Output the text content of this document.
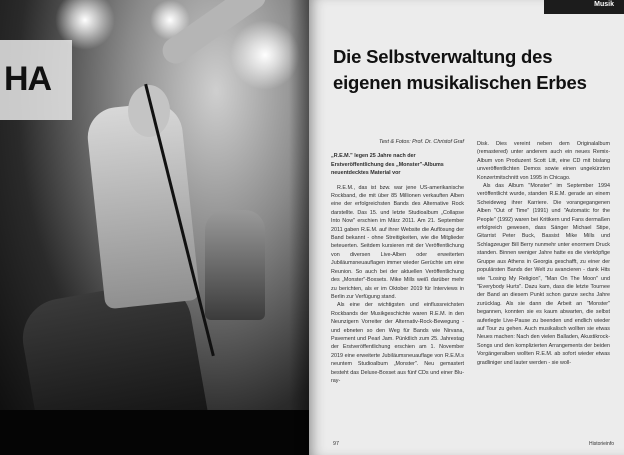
HA
Musik
Die Selbstverwaltung des eigenen musikalischen Erbes

Text & Fotos: Prof. Dr. Christof Graf

„R.E.M." legen 25 Jahre nach der Erstveröffentlichung des „Monster"-Albums neuentdecktes Material vor

R.E.M., das ist bzw. war jene US-amerikanische Rockband, die mit über 85 Millionen verkauften Alben eine der erfolgreichsten Bands des Alternative Rock darstellte. Das 15. und letzte Studioalbum „Collapse Into Now" erschien im März 2011. Am 21. September 2011 gaben R.E.M. auf ihrer Website die Auflösung der Band bekannt - ohne Streitigkeiten, wie die Mitglieder beteuerten. Seitdem kursieren mit der Veröffentlichung von diversen Live-Alben oder erweiterten Jubiläumsneuauflagen immer wieder Gerüchte um eine Reunion. So auch bei der aktuellen Veröffentlichung des „Monster"-Boxsets. Mike Mills weiß darüber mehr zu berichten, als er im Oktober 2019 für Interviews in Berlin zur Verfügung stand.

Als eine der wichtigsten und einflussreichsten Rockbands der Musikgeschichte waren R.E.M. in den Neunzigern Vorreiter der Alternativ-Rock-Bewegung - und ebneten so den Weg für Bands wie Nirvana, Pavement und Pearl Jam. Pünktlich zum 25. Jahrestag der Erstveröffentlichung erschien am 1. November 2019 eine erweiterte Jubiläumsneuauflage von R.E.M.s neuntem Studioalbum „Monster". Neu gemastert besteht das Deluxe-Boxset aus fünf CDs und einer Blu-ray-

Disk. Dies vereint neben dem Originalalbum (remastered) unter anderem auch ein neues Remix-Album von Produzent Scott Litt, eine CD mit bislang unveröffentlichten Demos sowie einen ungekürzten Konzertmitschnitt von 1995 in Chicago.

Als das Album "Monster" im September 1994 veröffentlicht wurde, standen R.E.M. gerade an einem Scheideweg ihrer Karriere. Die vorangegangenen Alben "Out of Time" (1991) und "Automatic for the People" (1992) waren bei Kritikern und Fans dermaßen erfolgreich gewesen, dass Sänger Michael Stipe, Gitarrist Peter Buck, Bassist Mike Mills und Schlagzeuger Bill Berry nunmehr unter enormem Druck standen. Binnen weniger Jahre hatte es die vierköpfige Gruppe aus Athens in Georgia geschafft, zu einer der populärsten Bands der Welt zu avancieren - dank Hits wie "Losing My Religion", "Man On The Moon" und "Everybody Hurts". Dazu kam, dass die letzte Tournee der Band an diesem Punkt schon ganze sechs Jahre zurücklag. Als sie dann die Arbeit an "Monster" begannen, konnten sie es kaum abwarten, die selbst auferlegte Live-Pause zu beenden und endlich wieder auf Tour zu gehen. Auch musikalisch wollten sie etwas Neues machen: Nach den vielen Balladen, Akustikrock-Songs und den komplizierten Arrangements der beiden Vorgängeralben wollten R.E.M. ab sofort wieder etwas gradliniger und lauter werden - sie woll-

97	Historieinfo
